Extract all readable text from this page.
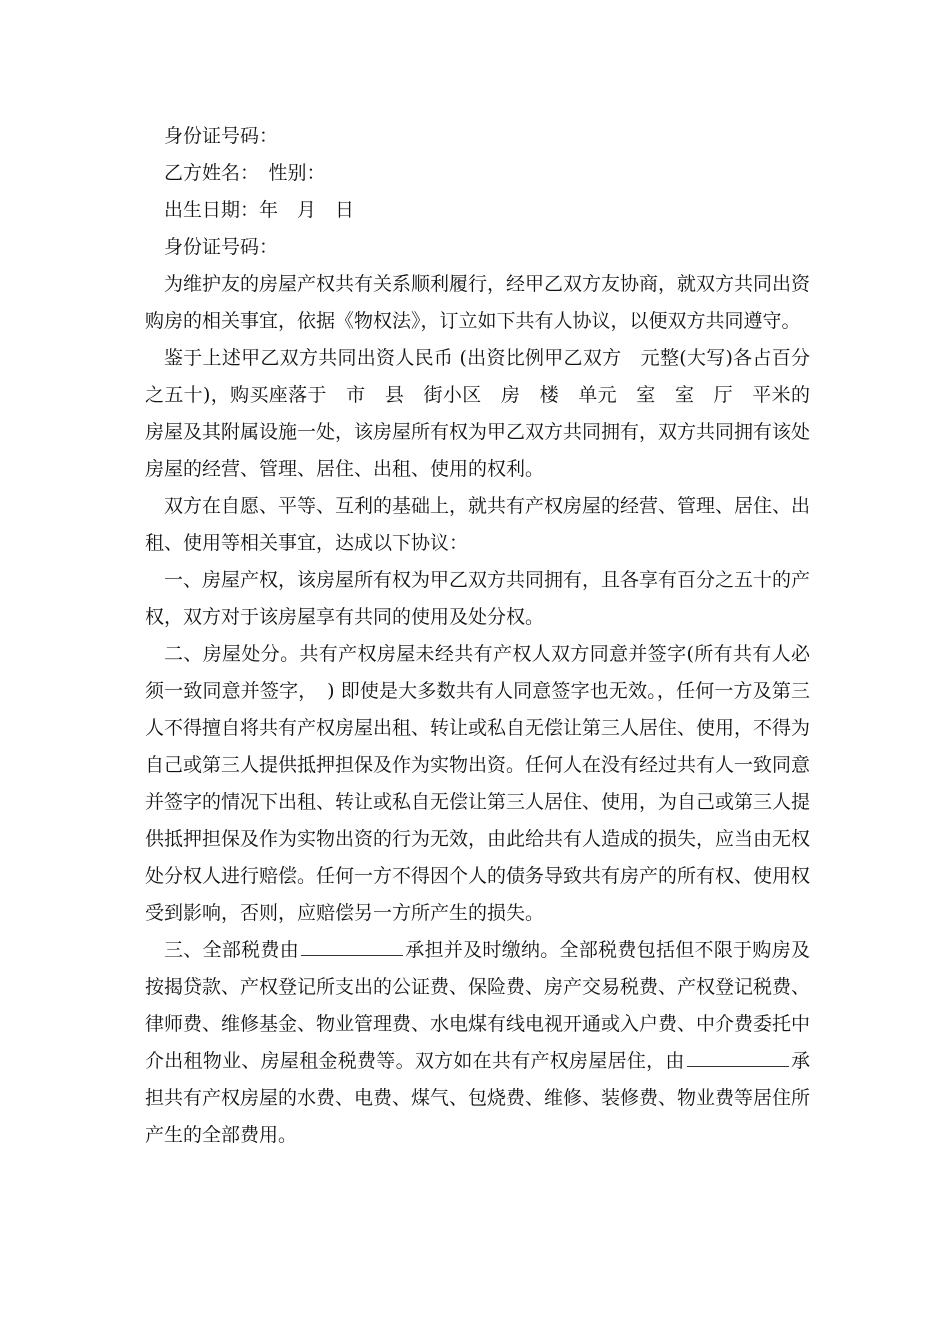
身份证号码：

乙方姓名：　性别：

出生日期：年　月　日

身份证号码：

为维护友的房屋产权共有关系顺利履行，经甲乙双方友协商，就双方共同出资购房的相关事宜，依据《物权法》，订立如下共有人协议，以便双方共同遵守。

鉴于上述甲乙双方共同出资人民币 (出资比例甲乙双方　元整(大写)各占百分之五十)，购买座落于　市　县　街小区　房　楼　单元　室　室　厅　平米的房屋及其附属设施一处，该房屋所有权为甲乙双方共同拥有，双方共同拥有该处房屋的经营、管理、居住、出租、使用的权利。

双方在自愿、平等、互利的基础上，就共有产权房屋的经营、管理、居住、出租、使用等相关事宜，达成以下协议：

一、房屋产权，该房屋所有权为甲乙双方共同拥有，且各享有百分之五十的产权，双方对于该房屋享有共同的使用及处分权。

二、房屋处分。共有产权房屋未经共有产权人双方同意并签字(所有共有人必须一致同意并签字，　) 即使是大多数共有人同意签字也无效。，任何一方及第三人不得擅自将共有产权房屋出租、转让或私自无偿让第三人居住、使用，不得为自己或第三人提供抵押担保及作为实物出资。任何人在没有经过共有人一致同意并签字的情况下出租、转让或私自无偿让第三人居住、使用，为自己或第三人提供抵押担保及作为实物出资的行为无效，由此给共有人造成的损失，应当由无权处分权人进行赔偿。任何一方不得因个人的债务导致共有房产的所有权、使用权受到影响，否则，应赔偿另一方所产生的损失。

三、全部税费由	承担并及时缴纳。全部税费包括但不限于购房及按揭贷款、产权登记所支出的公证费、保险费、房产交易税费、产权登记税费、律师费、维修基金、物业管理费、水电煤有线电视开通或入户费、中介费委托中介出租物业、房屋租金税费等。双方如在共有产权房屋居住，由	承担共有产权房屋的水费、电费、煤气、包烧费、维修、装修费、物业费等居住所产生的全部费用。
